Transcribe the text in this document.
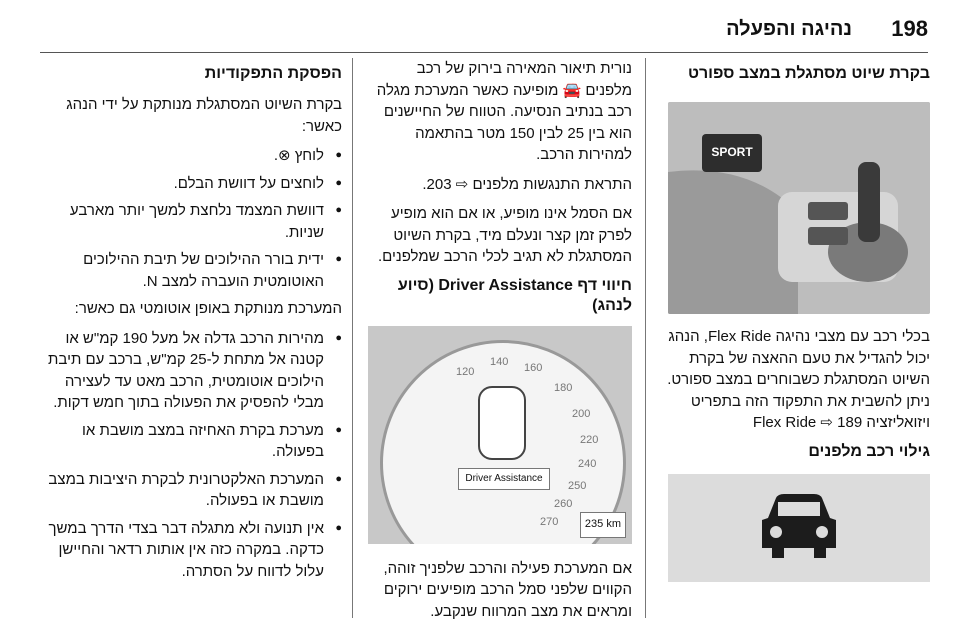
198
נהיגה והפעלה
בקרת שיוט מסתגלת במצב ספורט
SPORT

בכלי רכב עם מצבי נהיגה Flex Ride, הנהג יכול להגדיל את טעם ההאצה של בקרת השיוט המסתגלת כשבוחרים במצב ספורט. ניתן להשבית את התפקוד הזה בתפריט ויזואליזציה Flex Ride ⇨ 189

גילוי רכב מלפנים

נורית תיאור המאירה בירוק של רכב מלפנים 🚘 מופיעה כאשר המערכת מגלה רכב בנתיב הנסיעה. הטווח של החיישנים הוא בין 25 לבין 150 מטר בהתאמה למהירות הרכב.

התראת התנגשות מלפנים ⇨ 203.

אם הסמל אינו מופיע, או אם הוא מופיע לפרק זמן קצר ונעלם מיד, בקרת השיוט המסתגלת לא תגיב לכלי הרכב שמלפנים.

חיווי דף Driver Assistance (סיוע לנהג)
120
140 160
180
200
220
240
250
260
270
Driver Assistance
235 km

אם המערכת פעילה והרכב שלפניך זוהה, הקווים שלפני סמל הרכב מופיעים ירוקים ומראים את מצב המרווח שנקבע.

הפסקת התפקודיות

בקרת השיוט המסתגלת מנותקת על ידי הנהג כאשר:

● לוחץ ⊗.
● לוחצים על דוושת הבלם.
● דוושת המצמד נלחצת למשך יותר מארבע שניות.
● ידית בורר ההילוכים של תיבת ההילוכים האוטומטית הועברה למצב N.

המערכת מנותקת באופן אוטומטי גם כאשר:

● מהירות הרכב גדלה אל מעל 190 קמ"ש או קטנה אל מתחת ל-25 קמ"ש, ברכב עם תיבת הילוכים אוטומטית, הרכב מאט עד לעצירה מבלי להפסיק את הפעולה בתוך חמש דקות.
● מערכת בקרת האחיזה במצב מושבת או בפעולה.
● המערכת האלקטרונית לבקרת היציבות במצב מושבת או בפעולה.
● אין תנועה ולא מתגלה דבר בצדי הדרך במשך כדקה. במקרה כזה אין אותות רדאר והחיישן עלול לדווח על הסתרה.
